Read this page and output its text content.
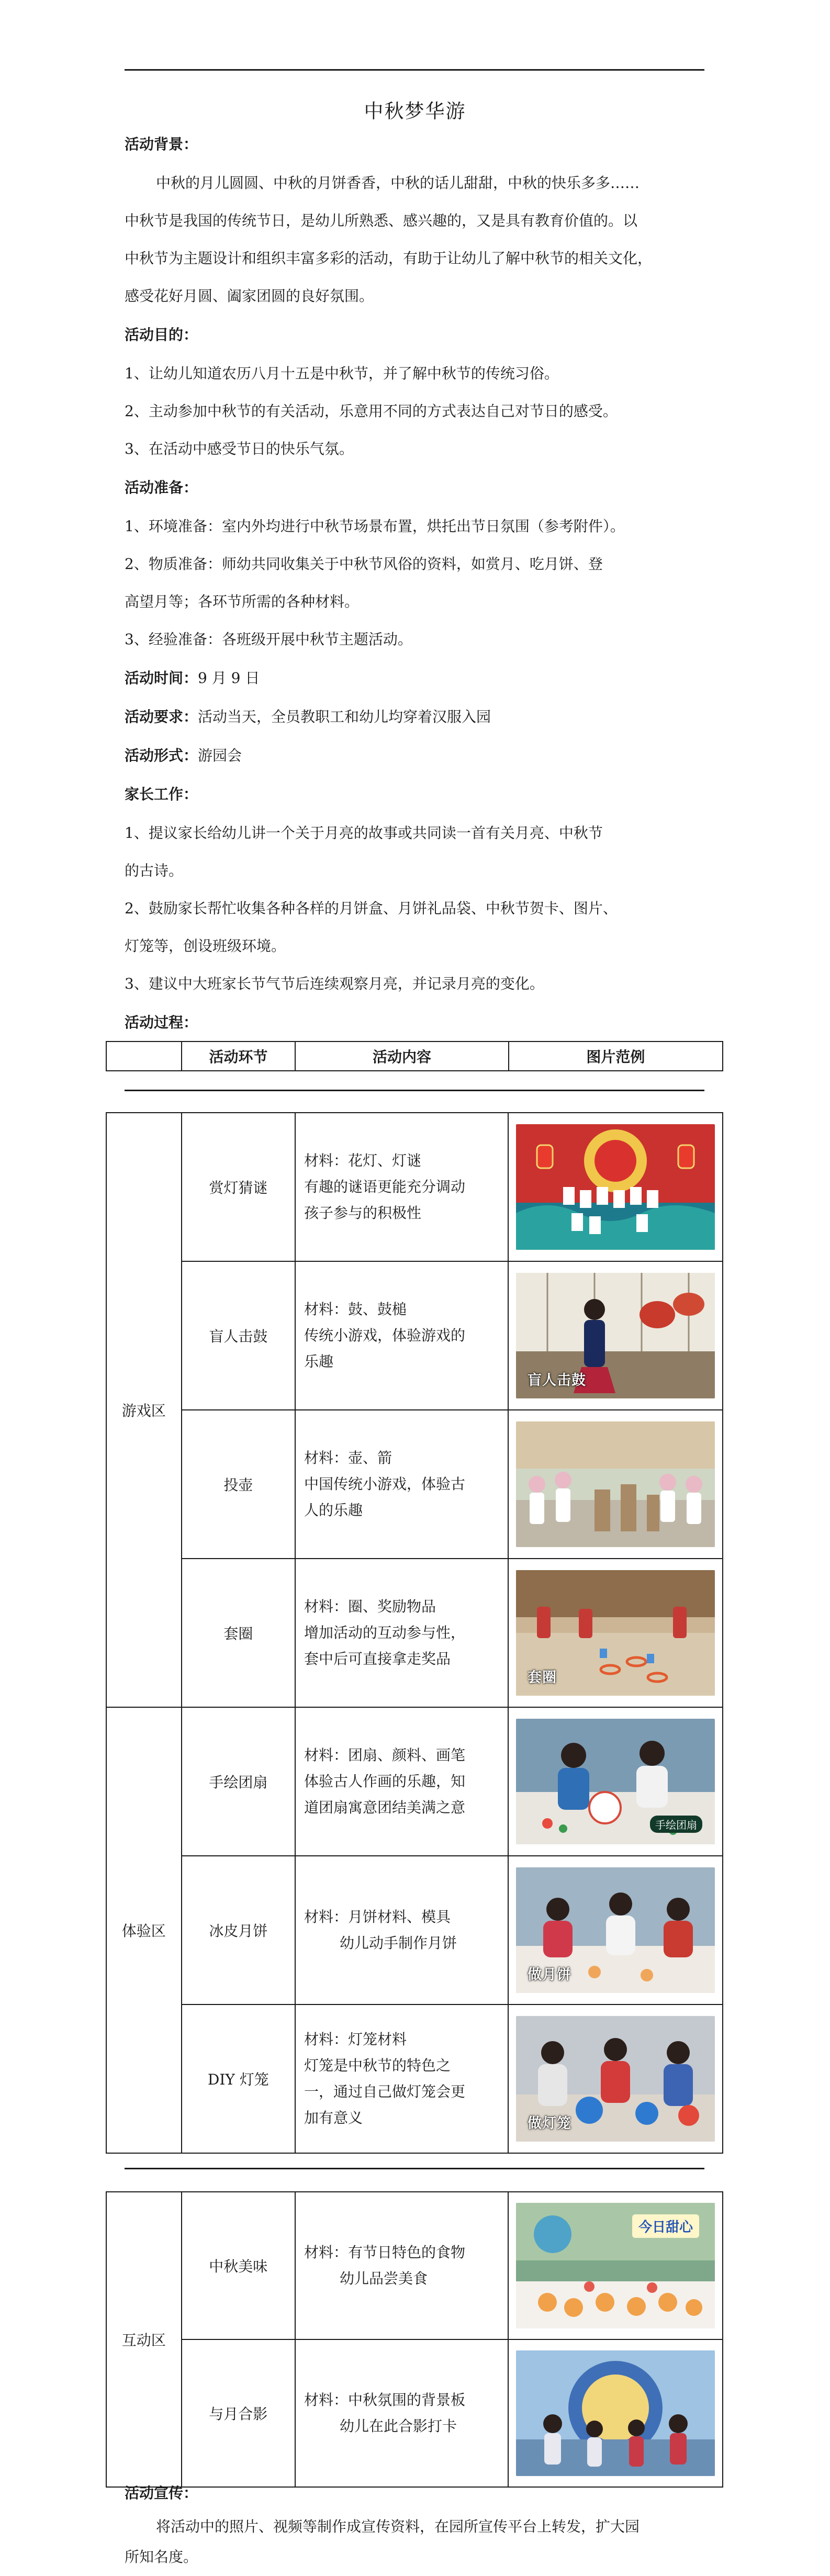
中秋梦华游
活动背景：
中秋的月儿圆圆、中秋的月饼香香，中秋的话儿甜甜，中秋的快乐多多……
中秋节是我国的传统节日，是幼儿所熟悉、感兴趣的，又是具有教育价值的。以
中秋节为主题设计和组织丰富多彩的活动，有助于让幼儿了解中秋节的相关文化，
感受花好月圆、阖家团圆的良好氛围。
活动目的：
1、让幼儿知道农历八月十五是中秋节，并了解中秋节的传统习俗。
2、主动参加中秋节的有关活动，乐意用不同的方式表达自己对节日的感受。
3、在活动中感受节日的快乐气氛。
活动准备：
1、环境准备：室内外均进行中秋节场景布置，烘托出节日氛围（参考附件）。
2、物质准备：师幼共同收集关于中秋节风俗的资料，如赏月、吃月饼、登
高望月等；各环节所需的各种材料。
3、经验准备：各班级开展中秋节主题活动。
活动时间：9 月 9 日
活动要求：活动当天，全员教职工和幼儿均穿着汉服入园
活动形式：游园会
家长工作：
1、提议家长给幼儿讲一个关于月亮的故事或共同读一首有关月亮、中秋节
的古诗。
2、鼓励家长帮忙收集各种各样的月饼盒、月饼礼品袋、中秋节贺卡、图片、
灯笼等，创设班级环境。
3、建议中大班家长节气节后连续观察月亮，并记录月亮的变化。
活动过程：
	活动环节	活动内容	图片范例
游戏区	赏灯猜谜	材料：花灯、灯谜
有趣的谜语更能充分调动
孩子参与的积极性

	盲人击鼓	材料：鼓、鼓槌
传统小游戏，体验游戏的
乐趣	盲人击鼓

	投壶	材料：壶、箭
中国传统小游戏，体验古
人的乐趣

	套圈	材料：圈、奖励物品
增加活动的互动参与性，
套中后可直接拿走奖品	套圈

体验区	手绘团扇	材料：团扇、颜料、画笔
体验古人作画的乐趣，知
道团扇寓意团结美满之意	手绘团扇

	冰皮月饼	材料：月饼材料、模具
幼儿动手制作月饼	做月饼

	DIY 灯笼	材料：灯笼材料
灯笼是中秋节的特色之
一，通过自己做灯笼会更
加有意义	做灯笼
互动区	中秋美味	材料：有节日特色的食物
幼儿品尝美食	今日甜心

	与月合影	材料：中秋氛围的背景板
幼儿在此合影打卡

活动宣传：
将活动中的照片、视频等制作成宣传资料，在园所宣传平台上转发，扩大园
所知名度。
